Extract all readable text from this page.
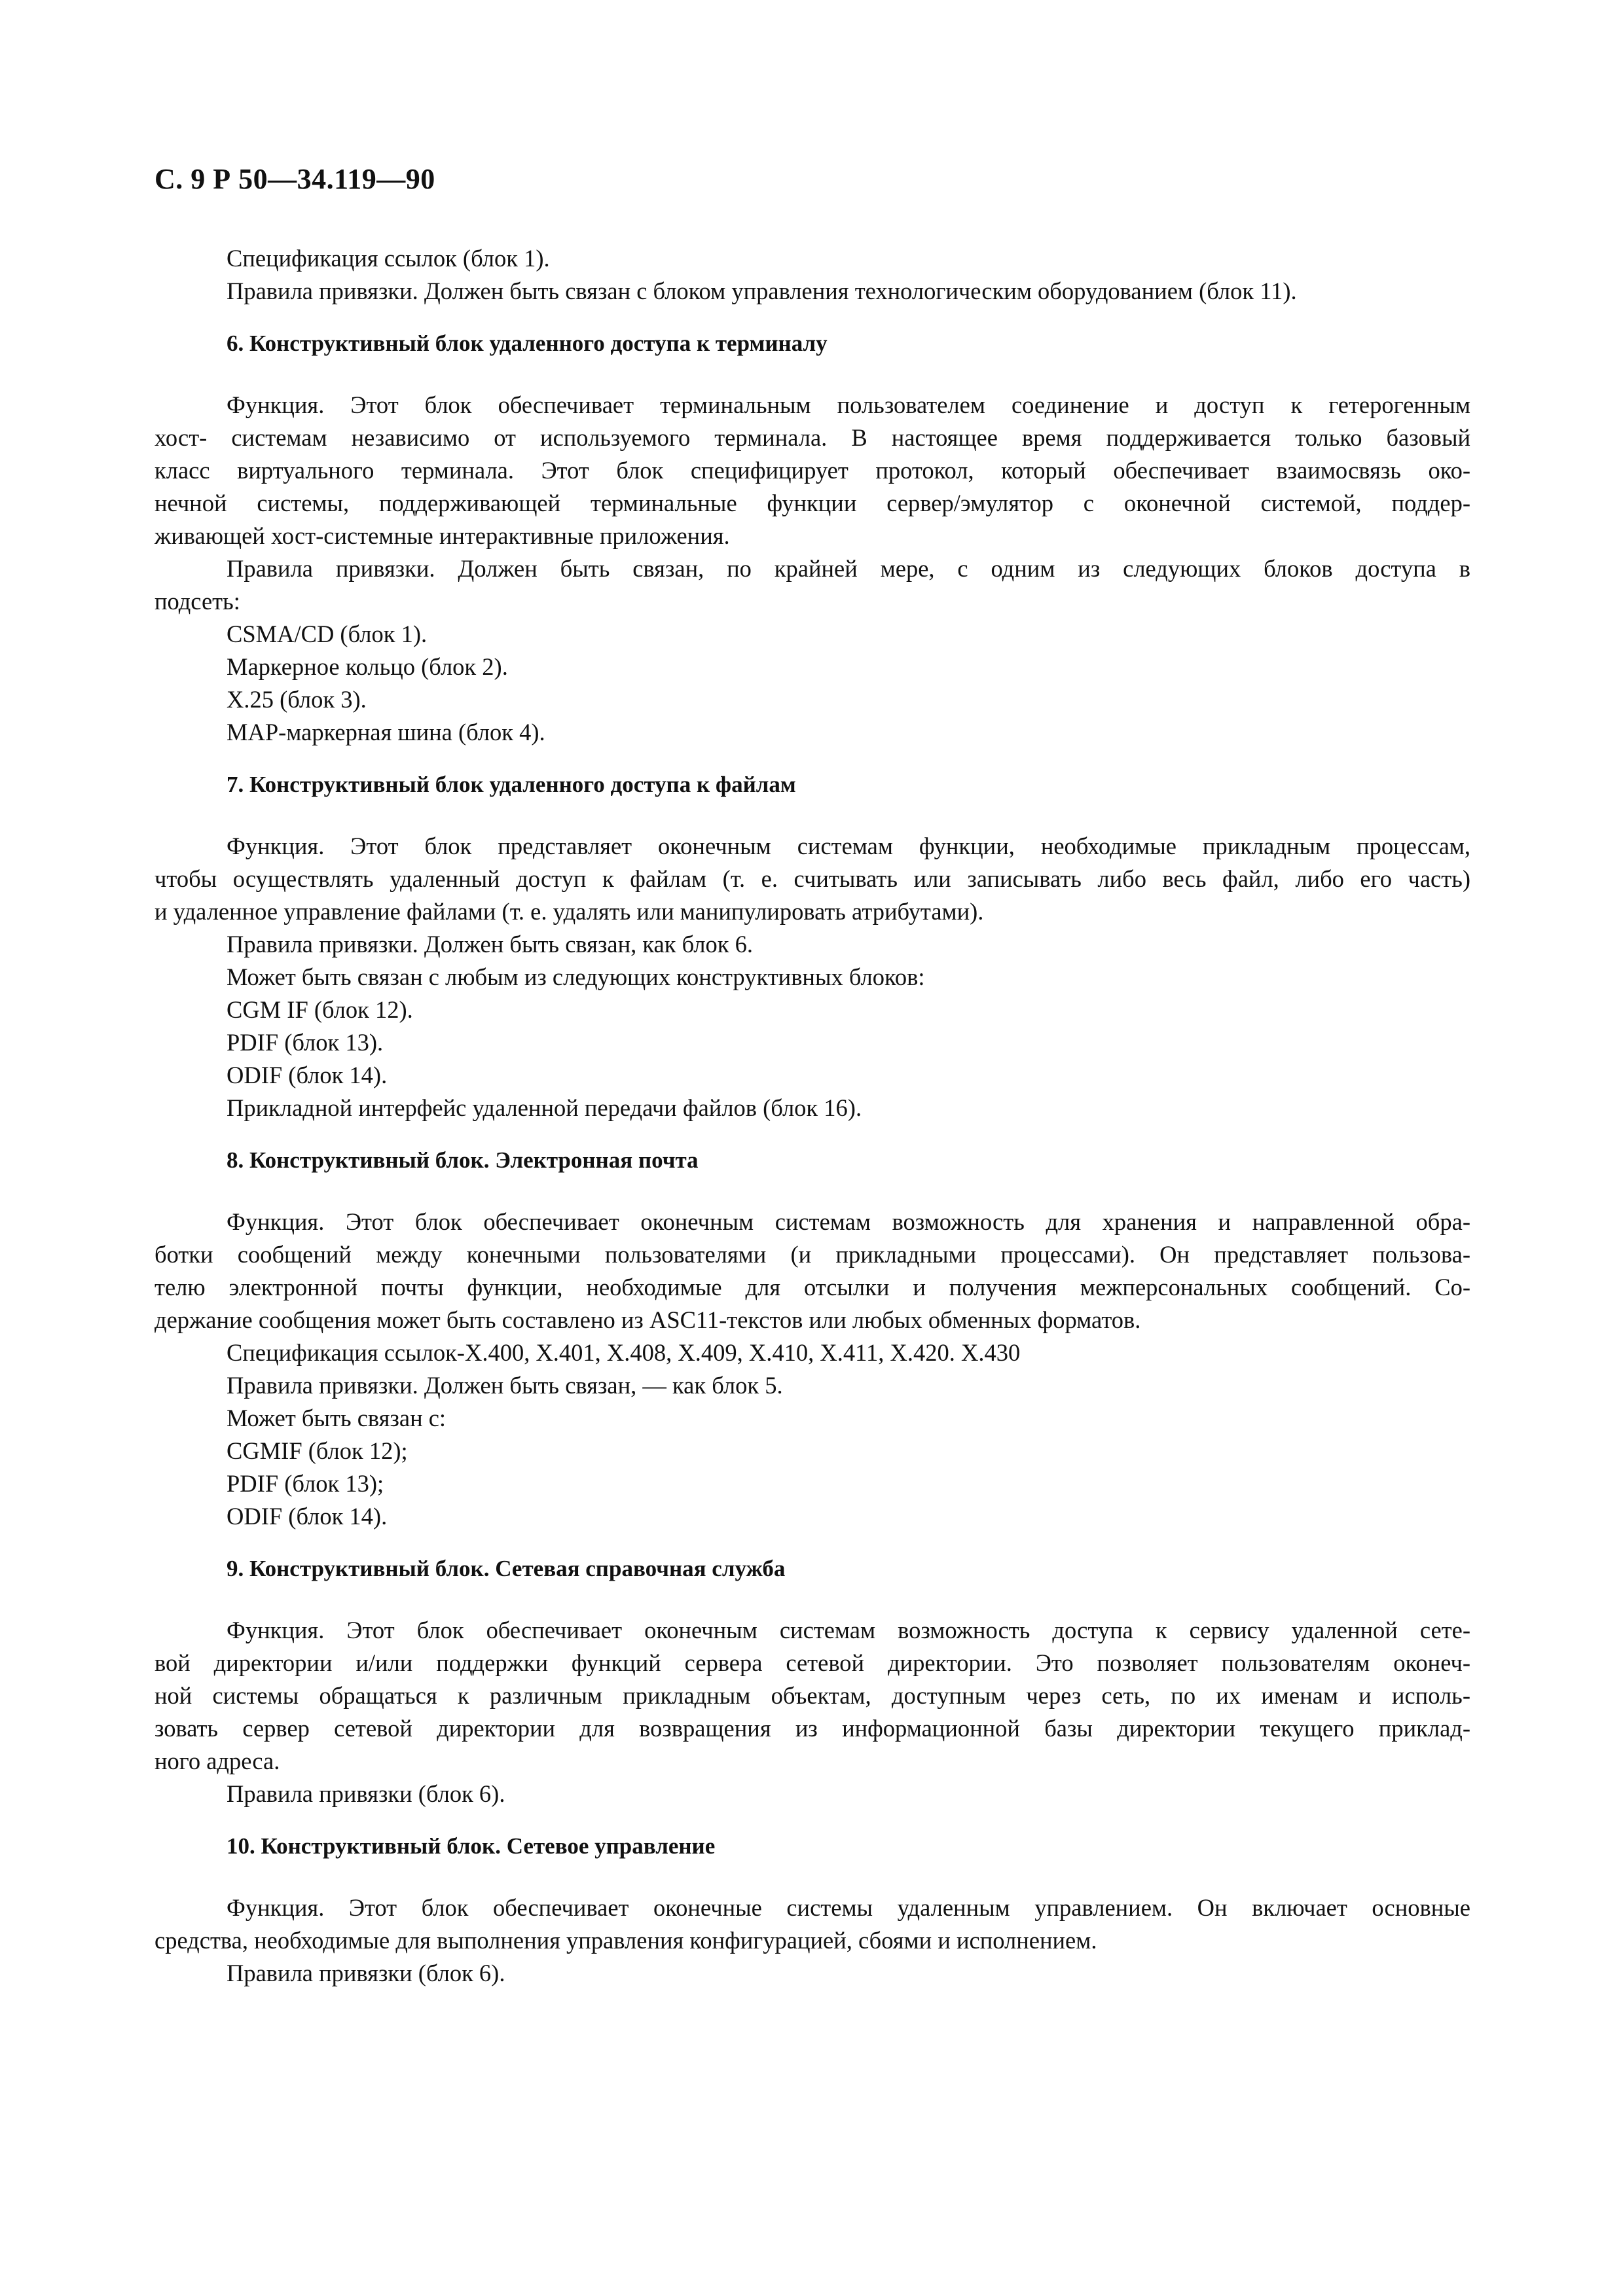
С. 9 Р 50—34.119—90
Спецификация ссылок (блок 1).
Правила привязки. Должен быть связан с блоком управления технологическим оборудованием (блок 11).
6. Конструктивный блок удаленного доступа к терминалу
Функция. Этот блок обеспечивает терминальным пользователем соединение и доступ к гетерогенным
хост- системам независимо от используемого терминала. В настоящее время поддерживается только базовый
класс виртуального терминала. Этот блок специфицирует протокол, который обеспечивает взаимосвязь око-
нечной системы, поддерживающей терминальные функции сервер/эмулятор с оконечной системой, поддер-
живающей хост-системные интерактивные приложения.
Правила привязки. Должен быть связан, по крайней мере, с одним из следующих блоков доступа в
подсеть:
CSMA/CD (блок 1).
Маркерное кольцо (блок 2).
Х.25 (блок 3).
МАР-маркерная шина (блок 4).
7. Конструктивный блок удаленного доступа к файлам
Функция. Этот блок представляет оконечным системам функции, необходимые прикладным процессам,
чтобы осуществлять удаленный доступ к файлам (т. е. считывать или записывать либо весь файл, либо его часть)
и удаленное управление файлами (т. е. удалять или манипулировать атрибутами).
Правила привязки. Должен быть связан, как блок 6.
Может быть связан с любым из следующих конструктивных блоков:
CGM IF (блок 12).
PDIF (блок 13).
ODIF (блок 14).
Прикладной интерфейс удаленной передачи файлов (блок 16).
8. Конструктивный блок. Электронная почта
Функция. Этот блок обеспечивает оконечным системам возможность для хранения и направленной обра-
ботки сообщений между конечными пользователями (и прикладными процессами). Он представляет пользова-
телю электронной почты функции, необходимые для отсылки и получения межперсональных сообщений. Со-
держание сообщения может быть составлено из ASC11-текстов или любых обменных форматов.
Спецификация ссылок-Х.400, Х.401, Х.408, Х.409, Х.410, Х.411, Х.420. Х.430
Правила привязки. Должен быть связан, — как блок 5.
Может быть связан с:
CGMIF (блок 12);
PDIF (блок 13);
ODIF (блок 14).
9. Конструктивный блок. Сетевая справочная служба
Функция. Этот блок обеспечивает оконечным системам возможность доступа к сервису удаленной сете-
вой директории и/или поддержки функций сервера сетевой директории. Это позволяет пользователям оконеч-
ной системы обращаться к различным прикладным объектам, доступным через сеть, по их именам и исполь-
зовать сервер сетевой директории для возвращения из информационной базы директории текущего приклад-
ного адреса.
Правила привязки (блок 6).
10. Конструктивный блок. Сетевое управление
Функция. Этот блок обеспечивает оконечные системы удаленным управлением. Он включает основные
средства, необходимые для выполнения управления конфигурацией, сбоями и исполнением.
Правила привязки (блок 6).
